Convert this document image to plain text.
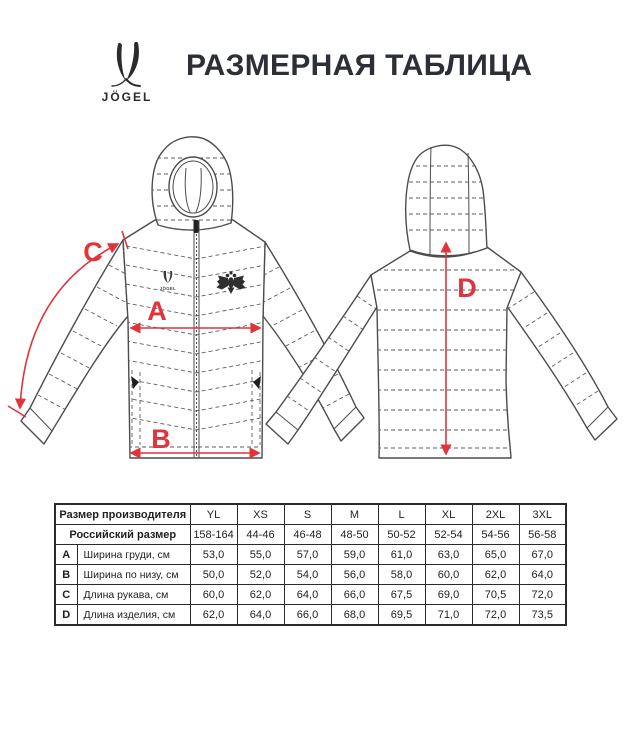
JÖGEL
РАЗМЕРНАЯ ТАБЛИЦА
JÖGEL
A
B
C
D
Размер производителя		YL	XS	S	M	L	XL	2XL	3XL
Российский размер		158-164	44-46	46-48	48-50	50-52	52-54	54-56	56-58
A	Ширина груди, см	53,0	55,0	57,0	59,0	61,0	63,0	65,0	67,0
B	Ширина по низу, см	50,0	52,0	54,0	56,0	58,0	60,0	62,0	64,0
C	Длина рукава, см	60,0	62,0	64,0	66,0	67,5	69,0	70,5	72,0
D	Длина изделия, см	62,0	64,0	66,0	68,0	69,5	71,0	72,0	73,5
